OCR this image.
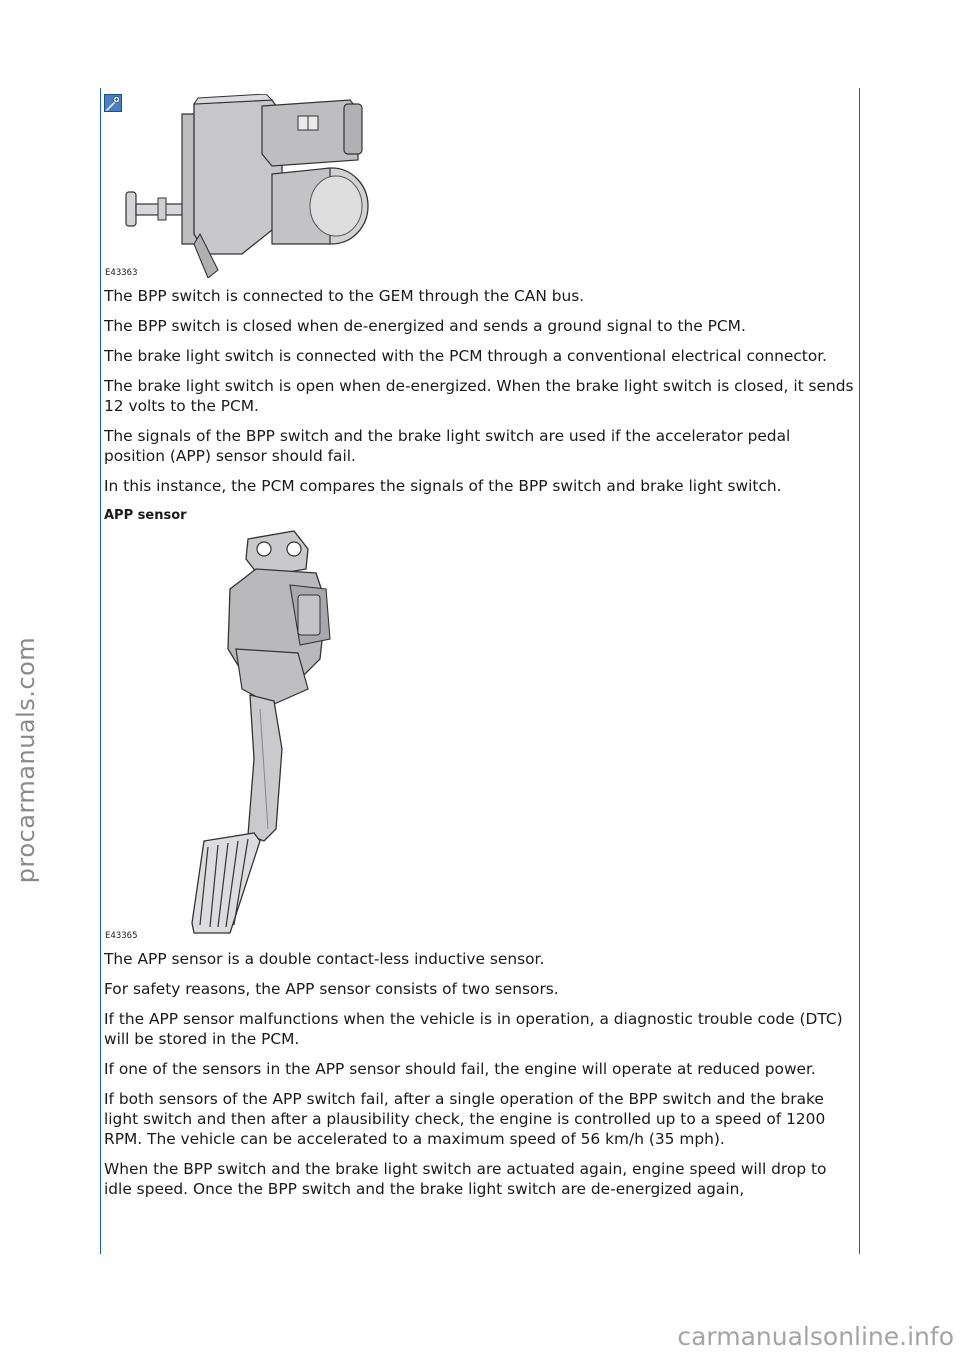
procarmanuals.com
E43363

The BPP switch is connected to the GEM through the CAN bus.

The BPP switch is closed when de-energized and sends a ground signal to the PCM.

The brake light switch is connected with the PCM through a conventional electrical connector.

The brake light switch is open when de-energized. When the brake light switch is closed, it sends 12 volts to the PCM.

The signals of the BPP switch and the brake light switch are used if the accelerator pedal position (APP) sensor should fail.

In this instance, the PCM compares the signals of the BPP switch and brake light switch.

APP sensor
E43365

The APP sensor is a double contact-less inductive sensor.

For safety reasons, the APP sensor consists of two sensors.

If the APP sensor malfunctions when the vehicle is in operation, a diagnostic trouble code (DTC) will be stored in the PCM.

If one of the sensors in the APP sensor should fail, the engine will operate at reduced power.

If both sensors of the APP switch fail, after a single operation of the BPP switch and the brake light switch and then after a plausibility check, the engine is controlled up to a speed of 1200 RPM. The vehicle can be accelerated to a maximum speed of 56 km/h (35 mph).

When the BPP switch and the brake light switch are actuated again, engine speed will drop to idle speed. Once the BPP switch and the brake light switch are de-energized again,

carmanualsonline.info
